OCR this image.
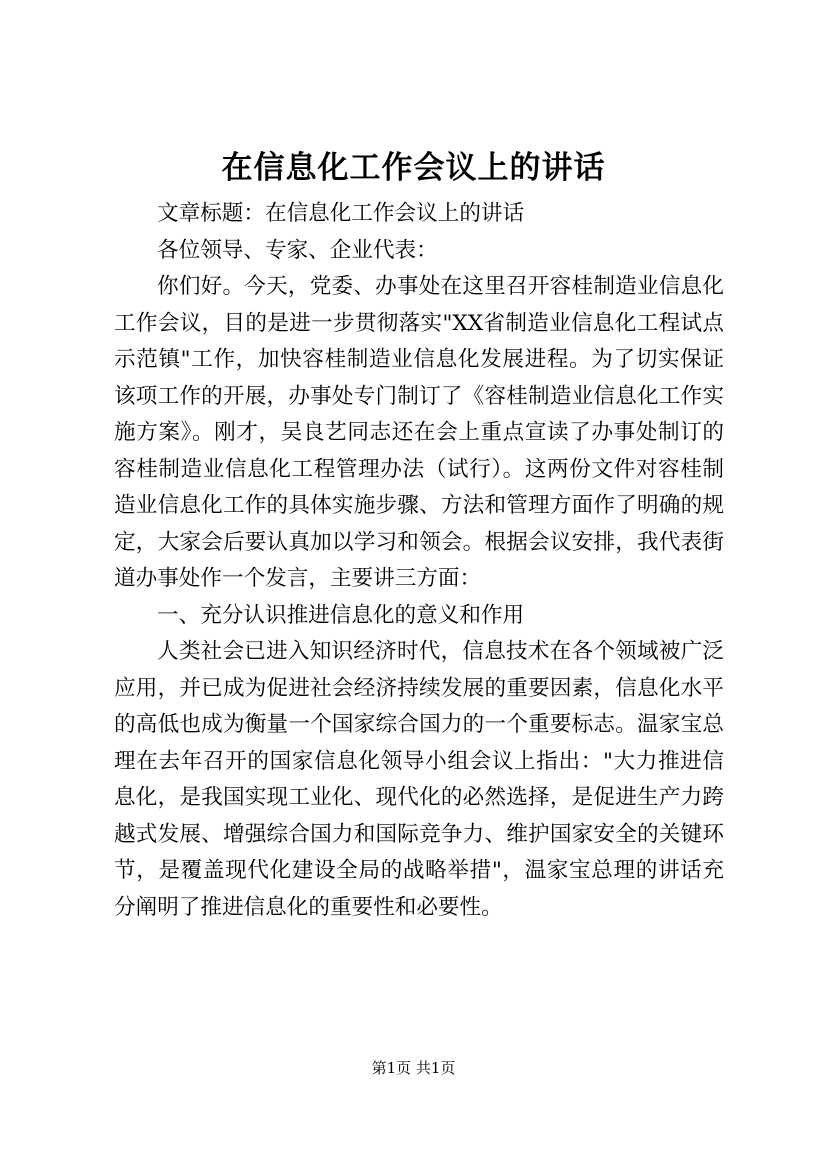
在信息化工作会议上的讲话

文章标题：在信息化工作会议上的讲话

各位领导、专家、企业代表：

你们好。今天，党委、办事处在这里召开容桂制造业信息化工作会议，目的是进一步贯彻落实"XX省制造业信息化工程试点示范镇"工作，加快容桂制造业信息化发展进程。为了切实保证该项工作的开展，办事处专门制订了《容桂制造业信息化工作实施方案》。刚才，吴良艺同志还在会上重点宣读了办事处制订的容桂制造业信息化工程管理办法（试行）。这两份文件对容桂制造业信息化工作的具体实施步骤、方法和管理方面作了明确的规定，大家会后要认真加以学习和领会。根据会议安排，我代表街道办事处作一个发言，主要讲三方面：

一、充分认识推进信息化的意义和作用

人类社会已进入知识经济时代，信息技术在各个领域被广泛应用，并已成为促进社会经济持续发展的重要因素，信息化水平的高低也成为衡量一个国家综合国力的一个重要标志。温家宝总理在去年召开的国家信息化领导小组会议上指出："大力推进信息化，是我国实现工业化、现代化的必然选择，是促进生产力跨越式发展、增强综合国力和国际竞争力、维护国家安全的关键环节，是覆盖现代化建设全局的战略举措"，温家宝总理的讲话充分阐明了推进信息化的重要性和必要性。

第1页 共1页
